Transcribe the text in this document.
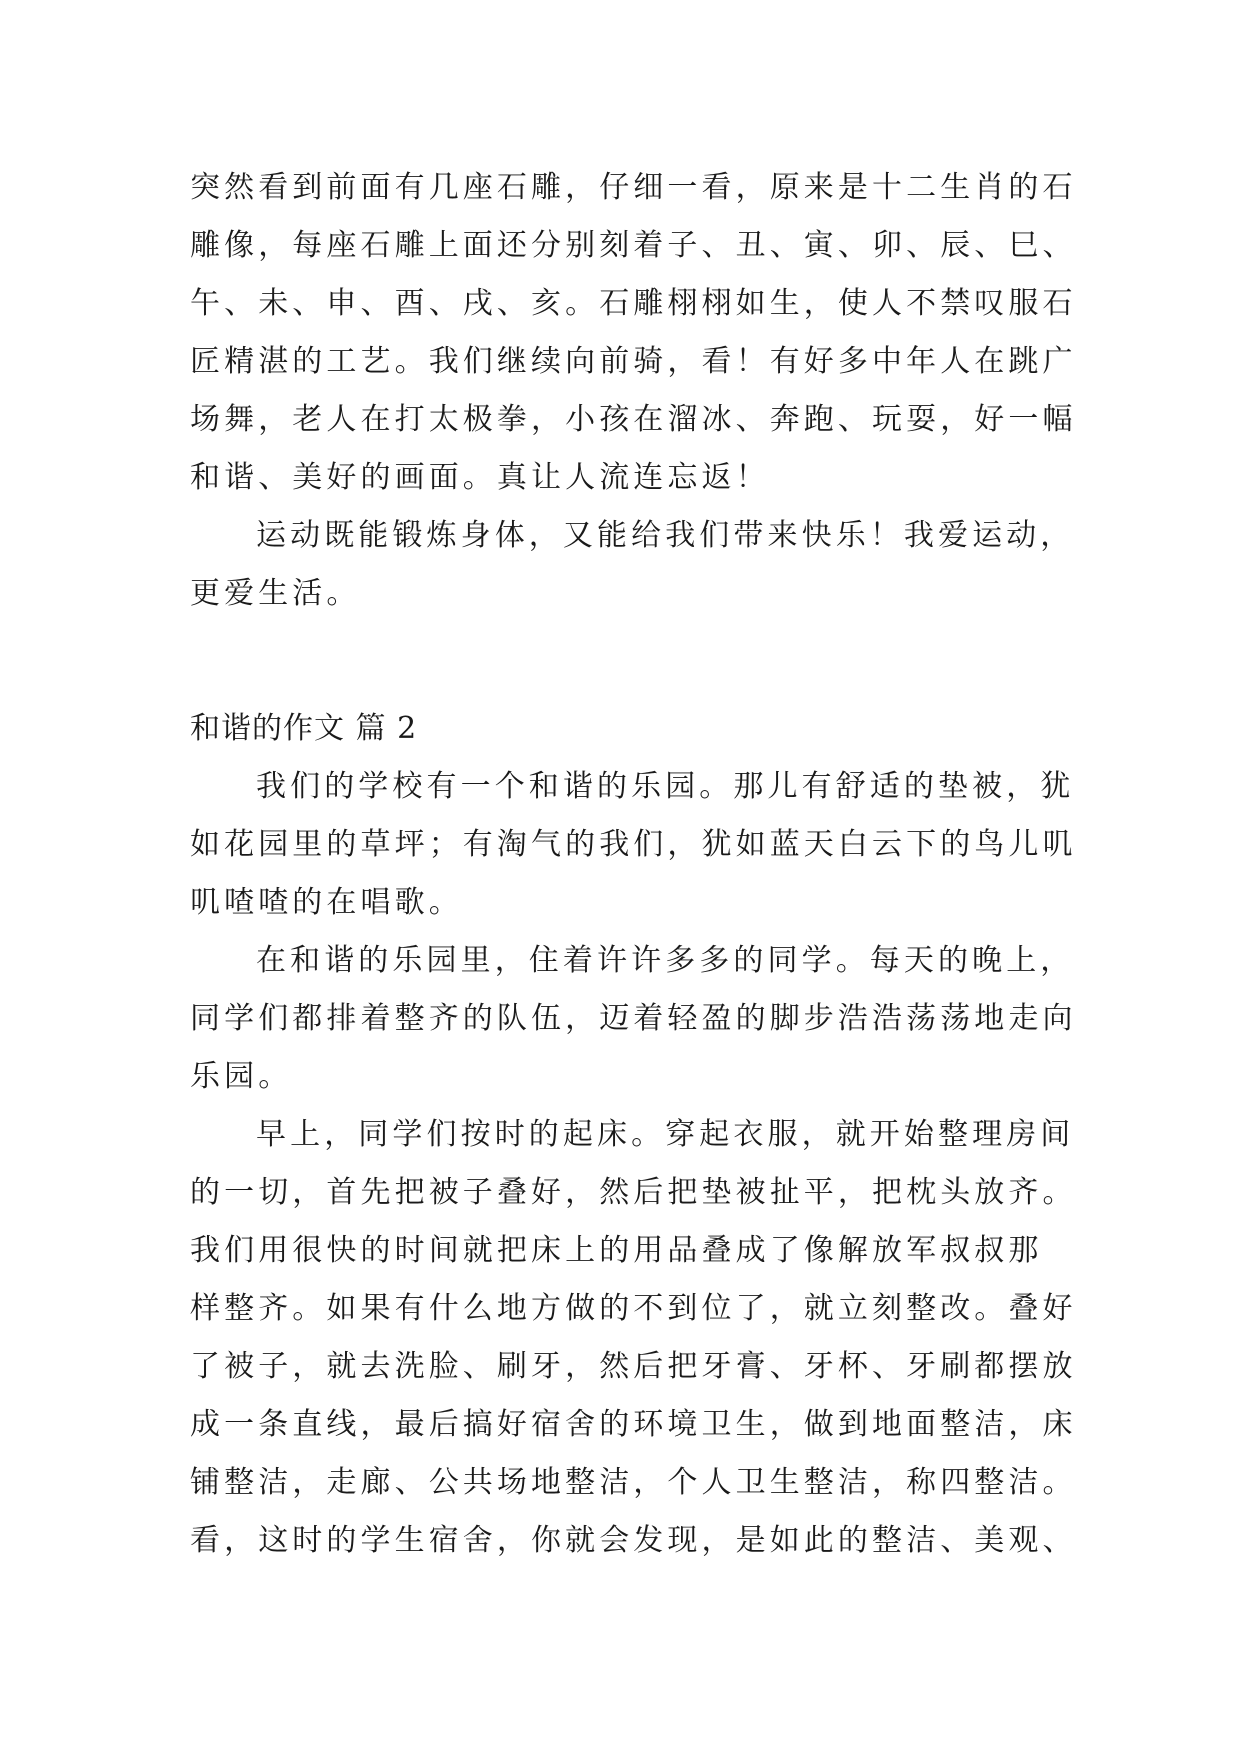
突然看到前面有几座石雕，仔细一看，原来是十二生肖的石

雕像，每座石雕上面还分别刻着子、丑、寅、卯、辰、巳、

午、未、申、酉、戌、亥。石雕栩栩如生，使人不禁叹服石

匠精湛的工艺。我们继续向前骑，看！有好多中年人在跳广

场舞，老人在打太极拳，小孩在溜冰、奔跑、玩耍，好一幅

和谐、美好的画面。真让人流连忘返！

运动既能锻炼身体，又能给我们带来快乐！我爱运动，

更爱生活。

和谐的作文 篇 2

我们的学校有一个和谐的乐园。那儿有舒适的垫被，犹

如花园里的草坪；有淘气的我们，犹如蓝天白云下的鸟儿叽

叽喳喳的在唱歌。

在和谐的乐园里，住着许许多多的同学。每天的晚上，

同学们都排着整齐的队伍，迈着轻盈的脚步浩浩荡荡地走向

乐园。

早上，同学们按时的起床。穿起衣服，就开始整理房间

的一切，首先把被子叠好，然后把垫被扯平，把枕头放齐。

我们用很快的时间就把床上的用品叠成了像解放军叔叔那

样整齐。如果有什么地方做的不到位了，就立刻整改。叠好

了被子，就去洗脸、刷牙，然后把牙膏、牙杯、牙刷都摆放

成一条直线，最后搞好宿舍的环境卫生，做到地面整洁，床

铺整洁，走廊、公共场地整洁，个人卫生整洁，称四整洁。

看，这时的学生宿舍，你就会发现，是如此的整洁、美观、
